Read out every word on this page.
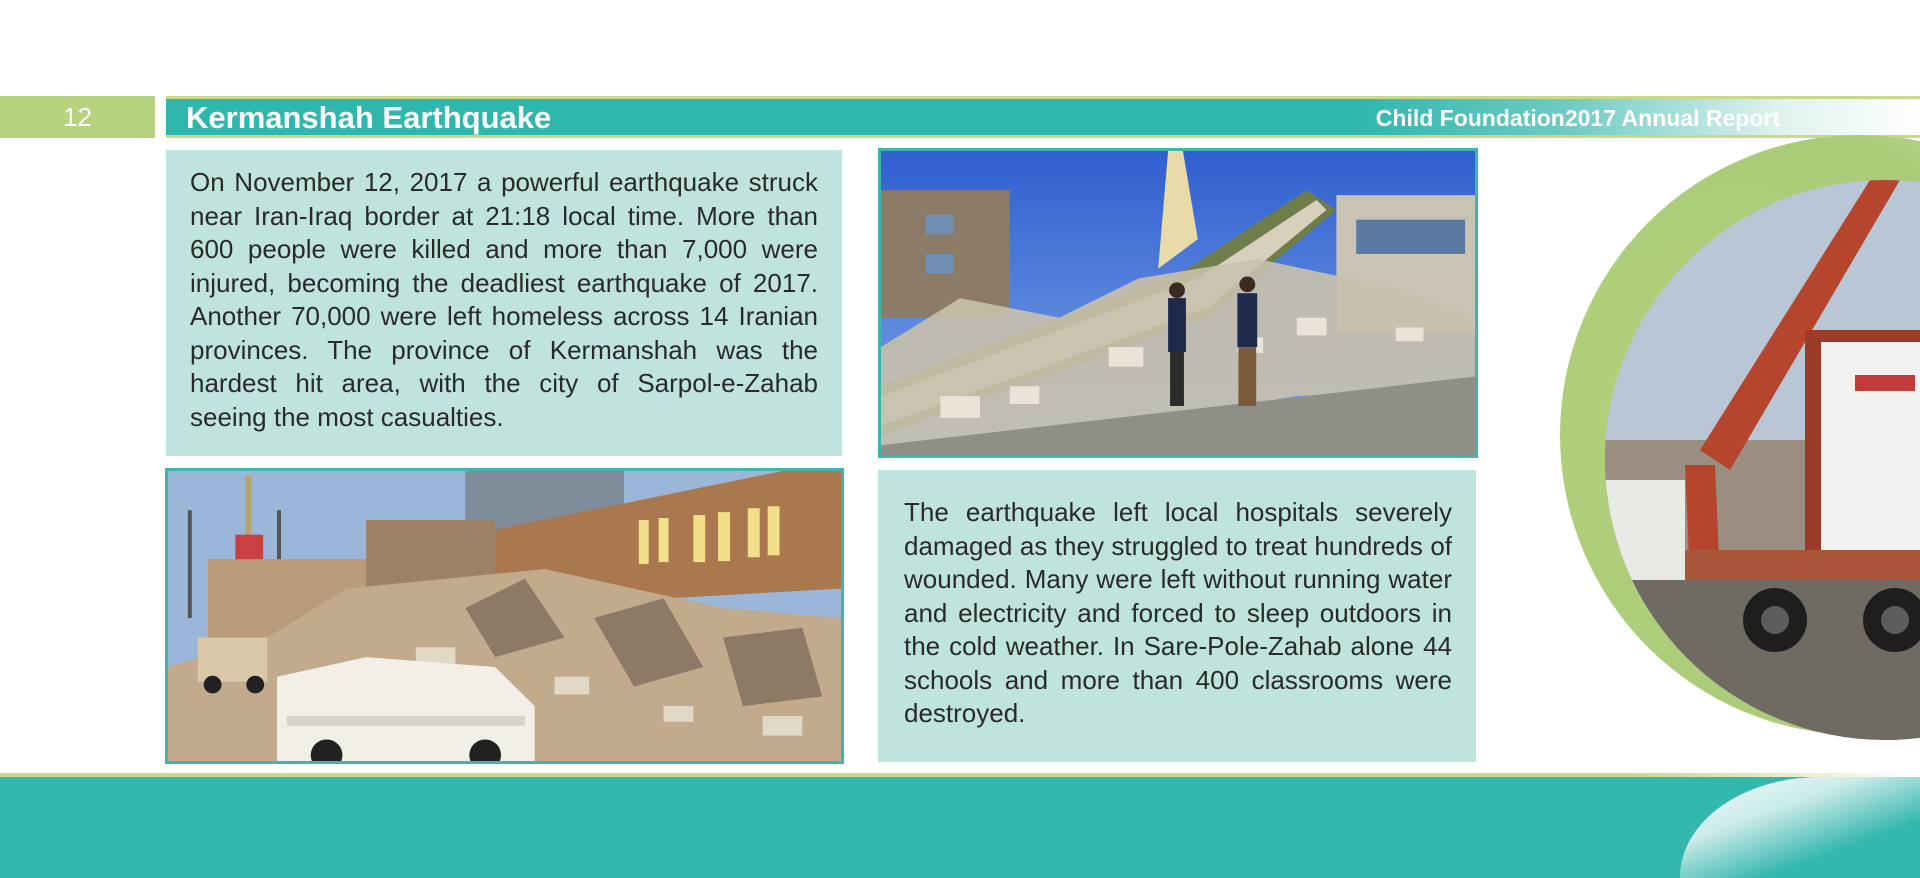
12	Kermanshah Earthquake	Child Foundation2017 Annual Report

On November 12, 2017 a powerful earthquake struck near Iran-Iraq border at 21:18 local time. More than 600 people were killed and more than 7,000 were injured, becoming the deadliest earthquake of 2017. Another 70,000 were left homeless across 14 Iranian provinces. The province of Kermanshah was the hardest hit area, with the city of Sarpol-e-Zahab seeing the most casualties.

The earthquake left local hospitals severely damaged as they struggled to treat hundreds of wounded. Many were left without running water and electricity and forced to sleep outdoors in the cold weather. In Sare-Pole-Zahab alone 44 schools and more than 400 classrooms were destroyed.
